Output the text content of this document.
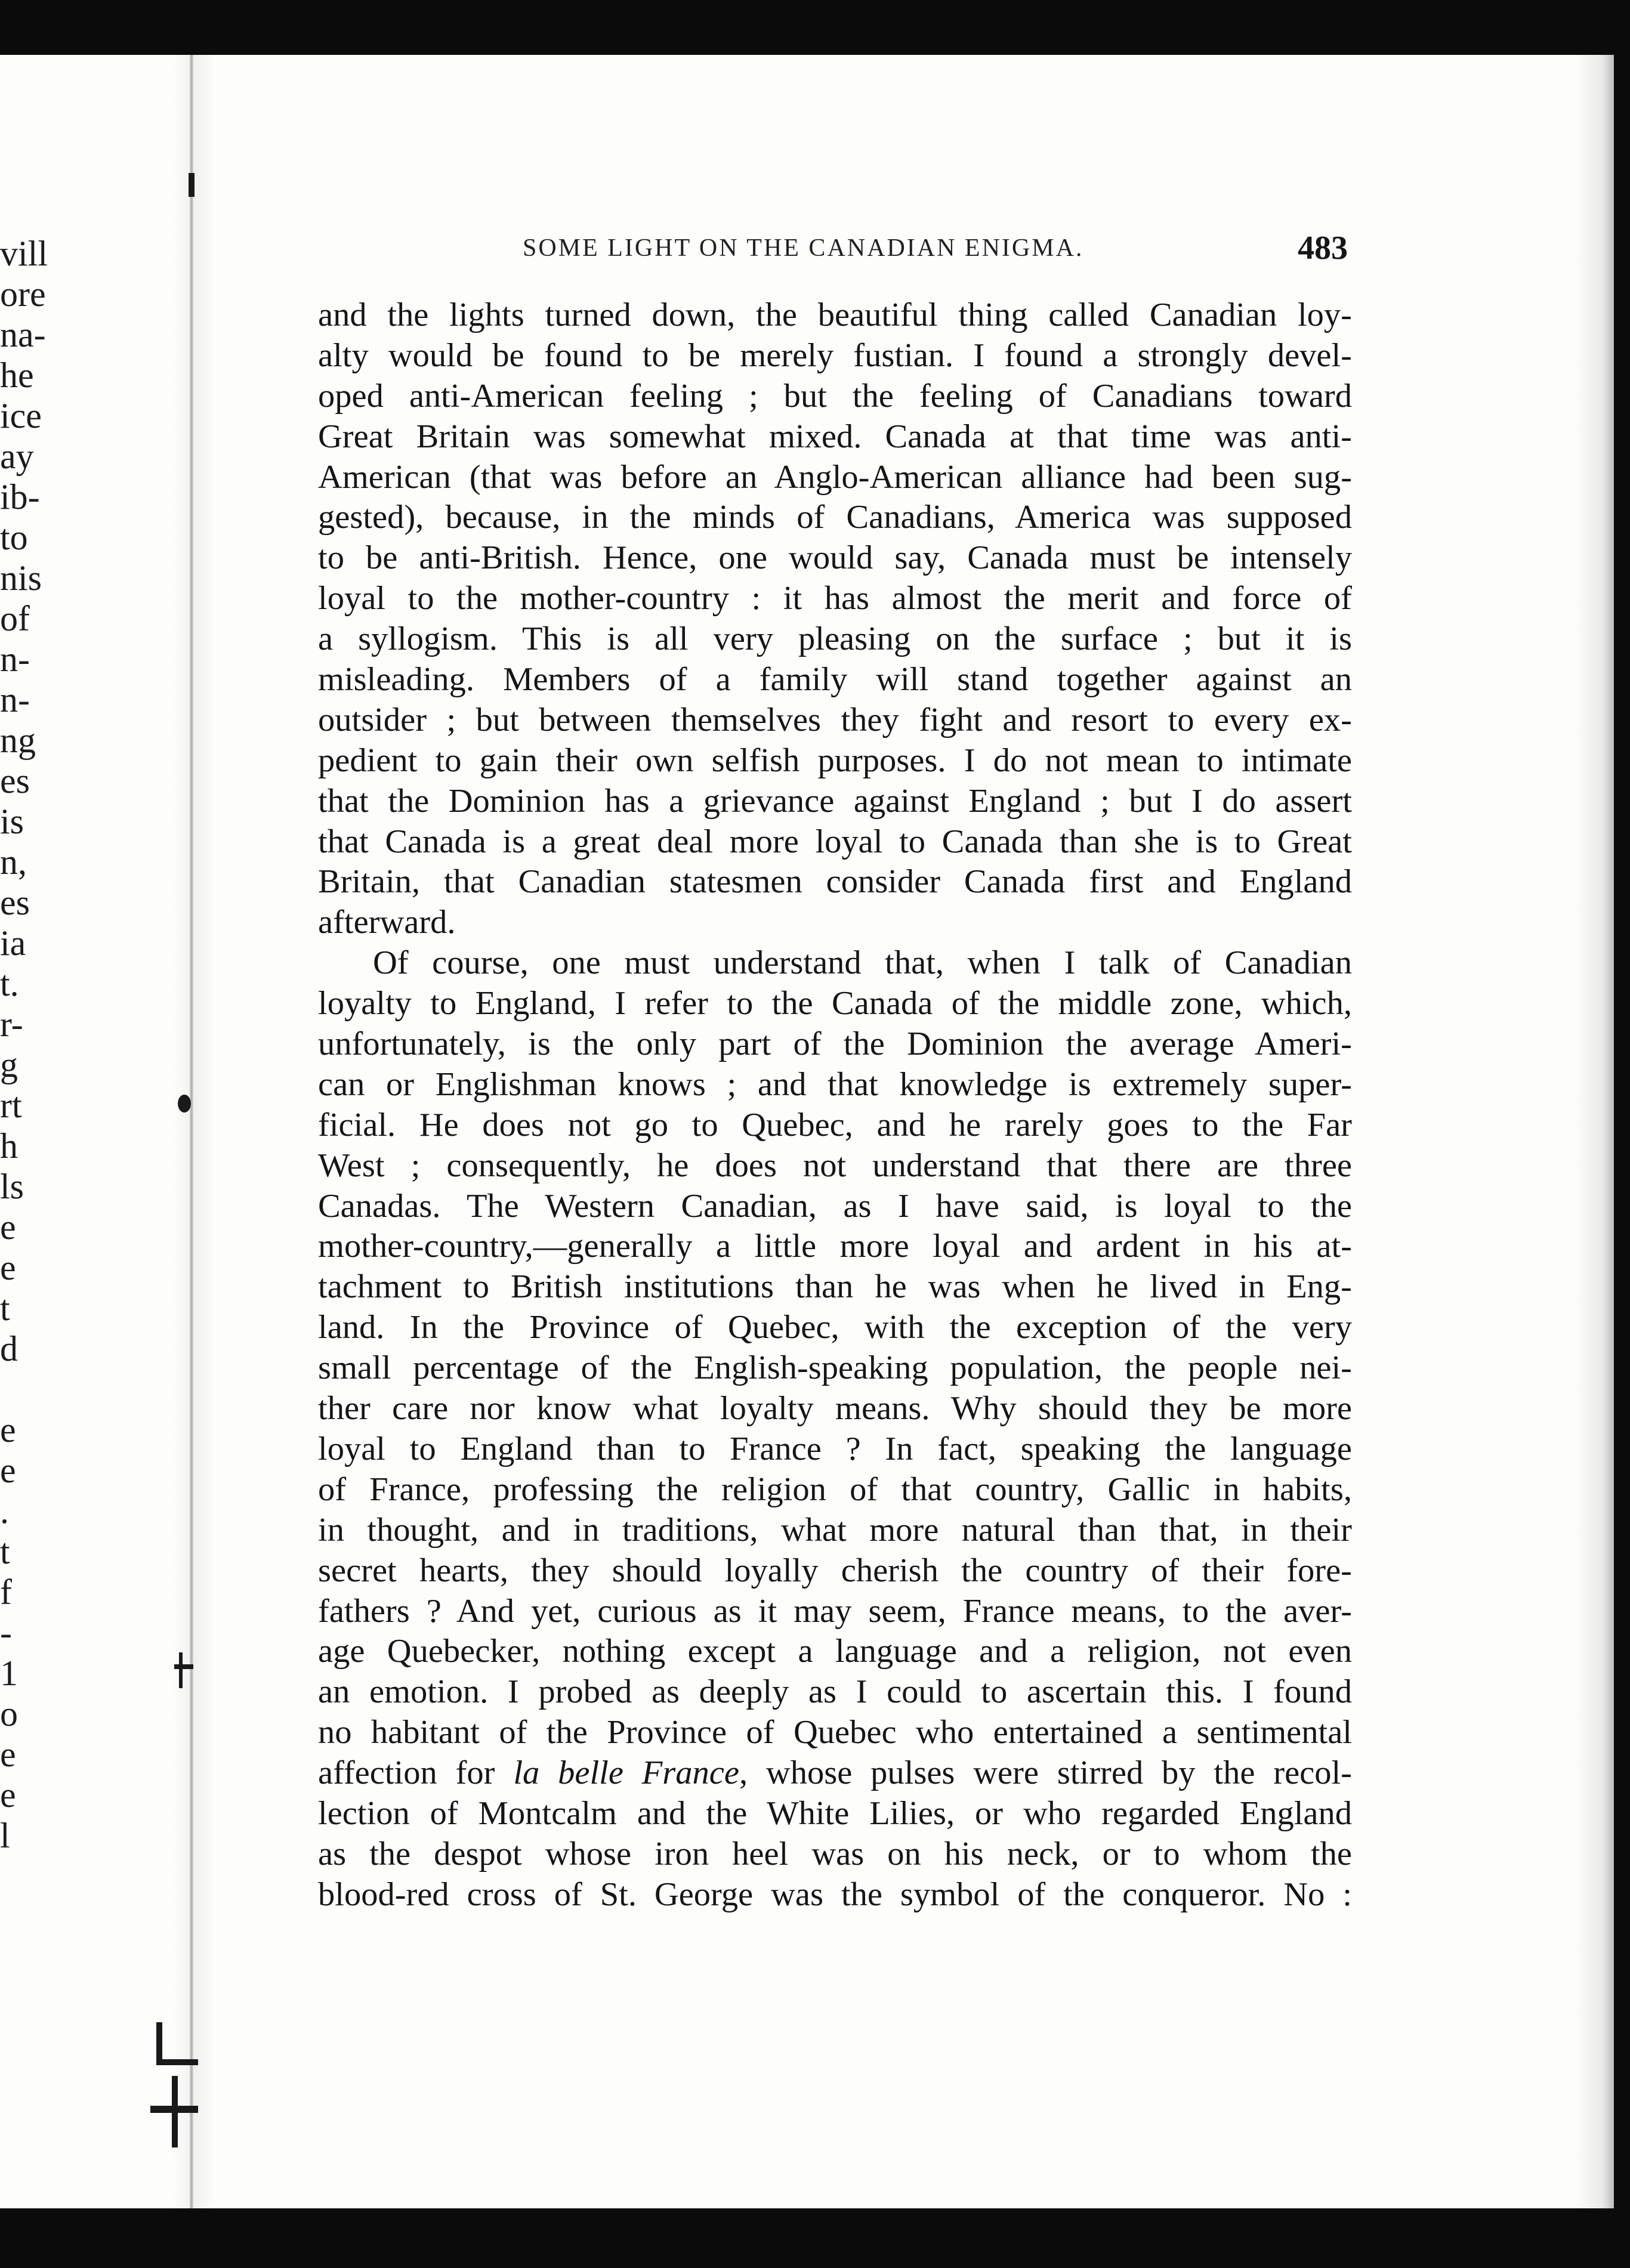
vill
ore
na-
he
ice
ay
ib-
to
nis
of
n-
n-
ng
es
is
n,
es
ia
t.
r-
g
rt
h
ls
e
e
t
d
e
e
.
t
f
-
1
o
e
e
l
SOME LIGHT ON THE CANADIAN ENIGMA.	483
and the lights turned down, the beautiful thing called Canadian loy-
alty would be found to be merely fustian. I found a strongly devel-
oped anti-American feeling ; but the feeling of Canadians toward
Great Britain was somewhat mixed. Canada at that time was anti-
American (that was before an Anglo-American alliance had been sug-
gested), because, in the minds of Canadians, America was supposed
to be anti-British. Hence, one would say, Canada must be intensely
loyal to the mother-country : it has almost the merit and force of
a syllogism. This is all very pleasing on the surface ; but it is
misleading. Members of a family will stand together against an
outsider ; but between themselves they fight and resort to every ex-
pedient to gain their own selfish purposes. I do not mean to intimate
that the Dominion has a grievance against England ; but I do assert
that Canada is a great deal more loyal to Canada than she is to Great
Britain, that Canadian statesmen consider Canada first and England
afterward.
Of course, one must understand that, when I talk of Canadian
loyalty to England, I refer to the Canada of the middle zone, which,
unfortunately, is the only part of the Dominion the average Ameri-
can or Englishman knows ; and that knowledge is extremely super-
ficial. He does not go to Quebec, and he rarely goes to the Far
West ; consequently, he does not understand that there are three
Canadas. The Western Canadian, as I have said, is loyal to the
mother-country,—generally a little more loyal and ardent in his at-
tachment to British institutions than he was when he lived in Eng-
land. In the Province of Quebec, with the exception of the very
small percentage of the English-speaking population, the people nei-
ther care nor know what loyalty means. Why should they be more
loyal to England than to France ? In fact, speaking the language
of France, professing the religion of that country, Gallic in habits,
in thought, and in traditions, what more natural than that, in their
secret hearts, they should loyally cherish the country of their fore-
fathers ? And yet, curious as it may seem, France means, to the aver-
age Quebecker, nothing except a language and a religion, not even
an emotion. I probed as deeply as I could to ascertain this. I found
no habitant of the Province of Quebec who entertained a sentimental
affection for la belle France, whose pulses were stirred by the recol-
lection of Montcalm and the White Lilies, or who regarded England
as the despot whose iron heel was on his neck, or to whom the
blood-red cross of St. George was the symbol of the conqueror. No :
